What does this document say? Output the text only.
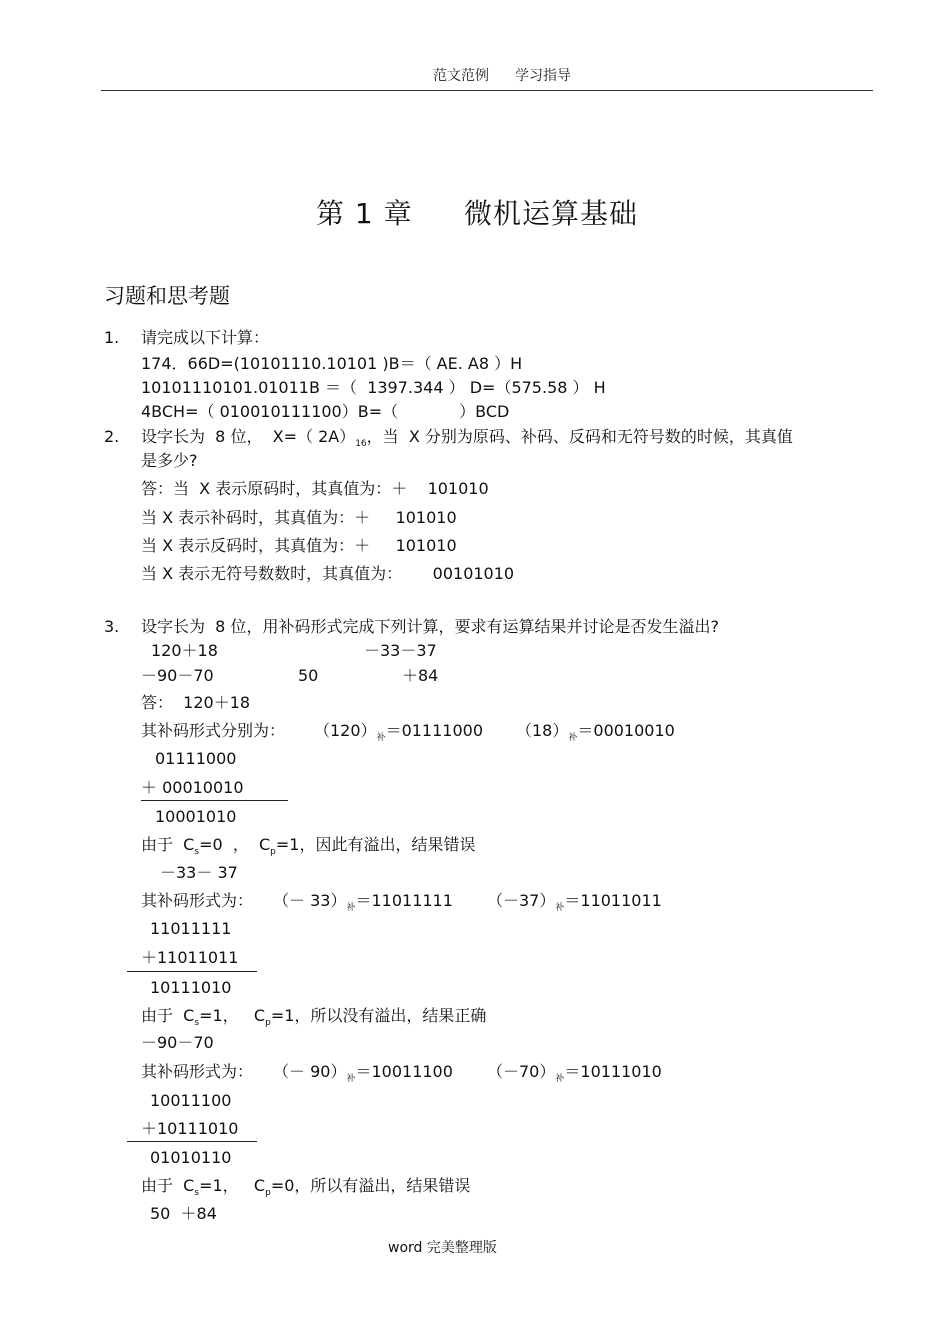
范文范例 学习指导
第 1 章 微机运算基础
习题和思考题
1. 请完成以下计算：
174．66D=(10101110.10101 )B＝（ AE. A8 ）H
10101110101.01011B ＝（  1397.344 ） D=（575.58 ） H
4BCH=（ 010010111100）B=（            ）BCD
2. 设字长为  8 位，  X=（ $2A)_{16}$，当  X 分别为原码、补码、反码和无符号数的时候，其真值
是多少?
答：当  X 表示原码时，其真值为：＋    101010
当 X 表示补码时，其真值为：＋     101010
当 X 表示反码时，其真值为：＋     101010
当 X 表示无符号数数时，其真值为：      00101010
3. 设字长为  8 位，用补码形式完成下列计算，要求有运算结果并讨论是否发生溢出?
120＋18	－33－37
－90－70	50	＋84
答：  120＋18
其补码形式分别为： $(120)_补=01111000$ $(18)_补=00010010$
01111000
＋ 00010010
10001010
由于  $C_s=0$  ，  $C_p=1$，因此有溢出，结果错误
－33－ 37
其补码形式为： （－ $33)_补=11011111$ $(-37)_补=11011011$
11011111
＋11011011
10111010
由于  $C_s=1$，   $C_p=1$，所以没有溢出，结果正确
－90－70
其补码形式为： （－ $90)_补=10011100$ $(-70)_补=10111010$
10011100
＋10111010
01010110
由于  $C_s=1$，   $C_p=0$，所以有溢出，结果错误
50  ＋84
word 完美整理版
